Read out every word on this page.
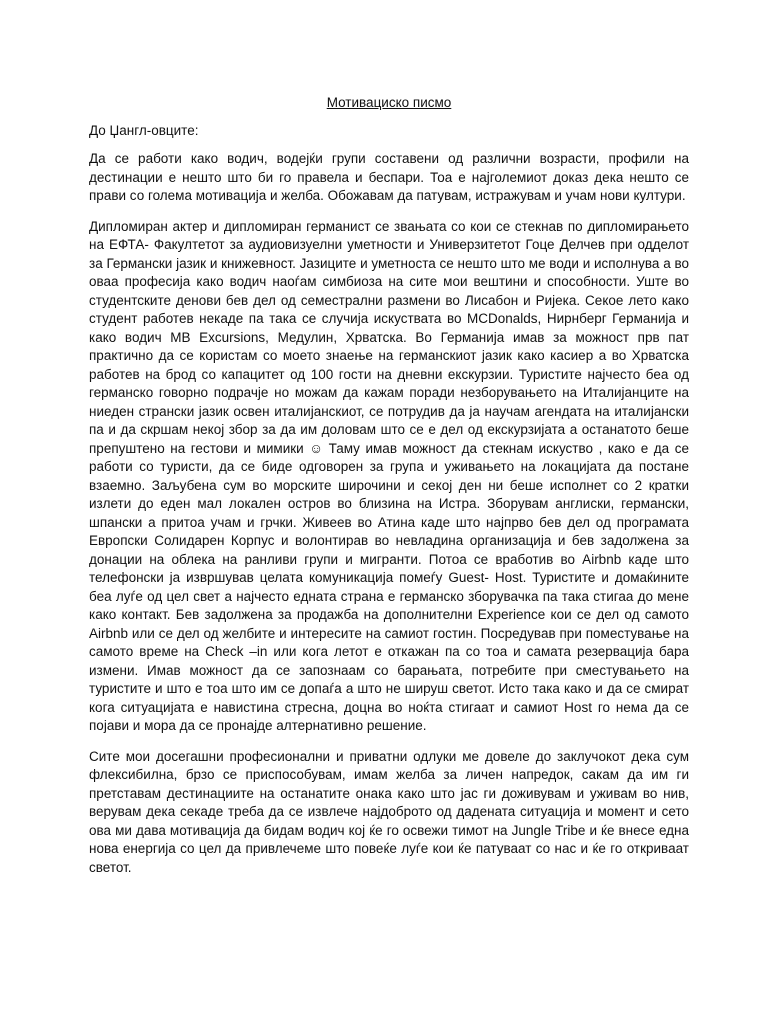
Мотивациско писмо
До Џангл-овците:

Да се работи како водич, водејќи групи составени од различни возрасти, профили на дестинации е нешто што би го правела и беспари. Тоа е најголемиот доказ дека нешто се прави со голема мотивација и желба. Обожавам да патувам, истражувам и учам нови култури.

Дипломиран актер и дипломиран германист се звањата со кои се стекнав по дипломирањето на ЕФТА- Факултетот за аудиовизуелни уметности и Универзитетот Гоце Делчев при одделот за Германски јазик и книжевност. Јазиците и уметноста се нешто што ме води и исполнува а во оваа професија како водич наоѓам симбиоза на сите мои вештини и способности. Уште во студентските денови бев дел од семестрални размени во Лисабон и Ријека. Секое лето како студент работев некаде па така се случија искуствата во MCDonalds, Нирнберг Германија и како водич MB Excursions, Медулин, Хрватска. Во Германија имав за можност прв пат практично да се користам со моето знаење на германскиот јазик како касиер а во Хрватска работев на брод со капацитет од 100 гости на дневни екскурзии. Туристите најчесто беа од германско говорно подрачје но можам да кажам поради незборувањето на Италијанците на ниеден странски јазик освен италијанскиот, се потрудив да ја научам агендата на италијански па и да скршам некој збор за да им доловам што се е дел од екскурзијата а останатото беше препуштено на гестови и мимики ☺ Таму имав можност да стекнам искуство , како е да се работи со туристи, да се биде одговорен за група и уживањето на локацијата да постане взаемно. Заљубена сум во морските широчини и секој ден ни беше исполнет со 2 кратки излети до еден мал локален остров во близина на Истра. Зборувам англиски, германски, шпански а притоа учам и грчки. Живеев во Атина каде што најпрво бев дел од програмата Европски Солидарен Корпус и волонтирав во невладина организација и бев задолжена за донации на облека на ранливи групи и мигранти. Потоа се вработив во Airbnb каде што телефонски ја извршував целата комуникација помеѓу Guest- Host. Туристите и домаќините беа луѓе од цел свет а најчесто едната страна е германско зборувачка па така стигаа до мене како контакт. Бев задолжена за продажба на дополнителни Experience кои се дел од самото Airbnb или се дел од желбите и интересите на самиот гостин. Посредував при поместување на самото време на Check –in или кога летот е откажан па со тоа и самата резервација бара измени. Имав можност да се запознаам со барањата, потребите при сместувањето на туристите и што е тоа што им се допаѓа а што не шируш светот. Исто така како и да се смират кога ситуацијата е навистина стресна, доцна во ноќта стигаат и самиот Host го нема да се појави и мора да се пронајде алтернативно решение.

Сите мои досегашни професионални и приватни одлуки ме довеле до заклучокот дека сум флексибилна, брзо се приспособувам, имам желба за личен напредок, сакам да им ги претставам дестинациите на останатите онака како што јас ги доживувам и уживам во нив, верувам дека секаде треба да се извлече најдоброто од дадената ситуација и момент и сето ова ми дава мотивација да бидам водич кој ќе го освежи тимот на Jungle Tribe и ќе внесе една нова енергија со цел да привлечеме што повеќе луѓе кои ќе патуваат со нас и ќе го откриваат светот.
